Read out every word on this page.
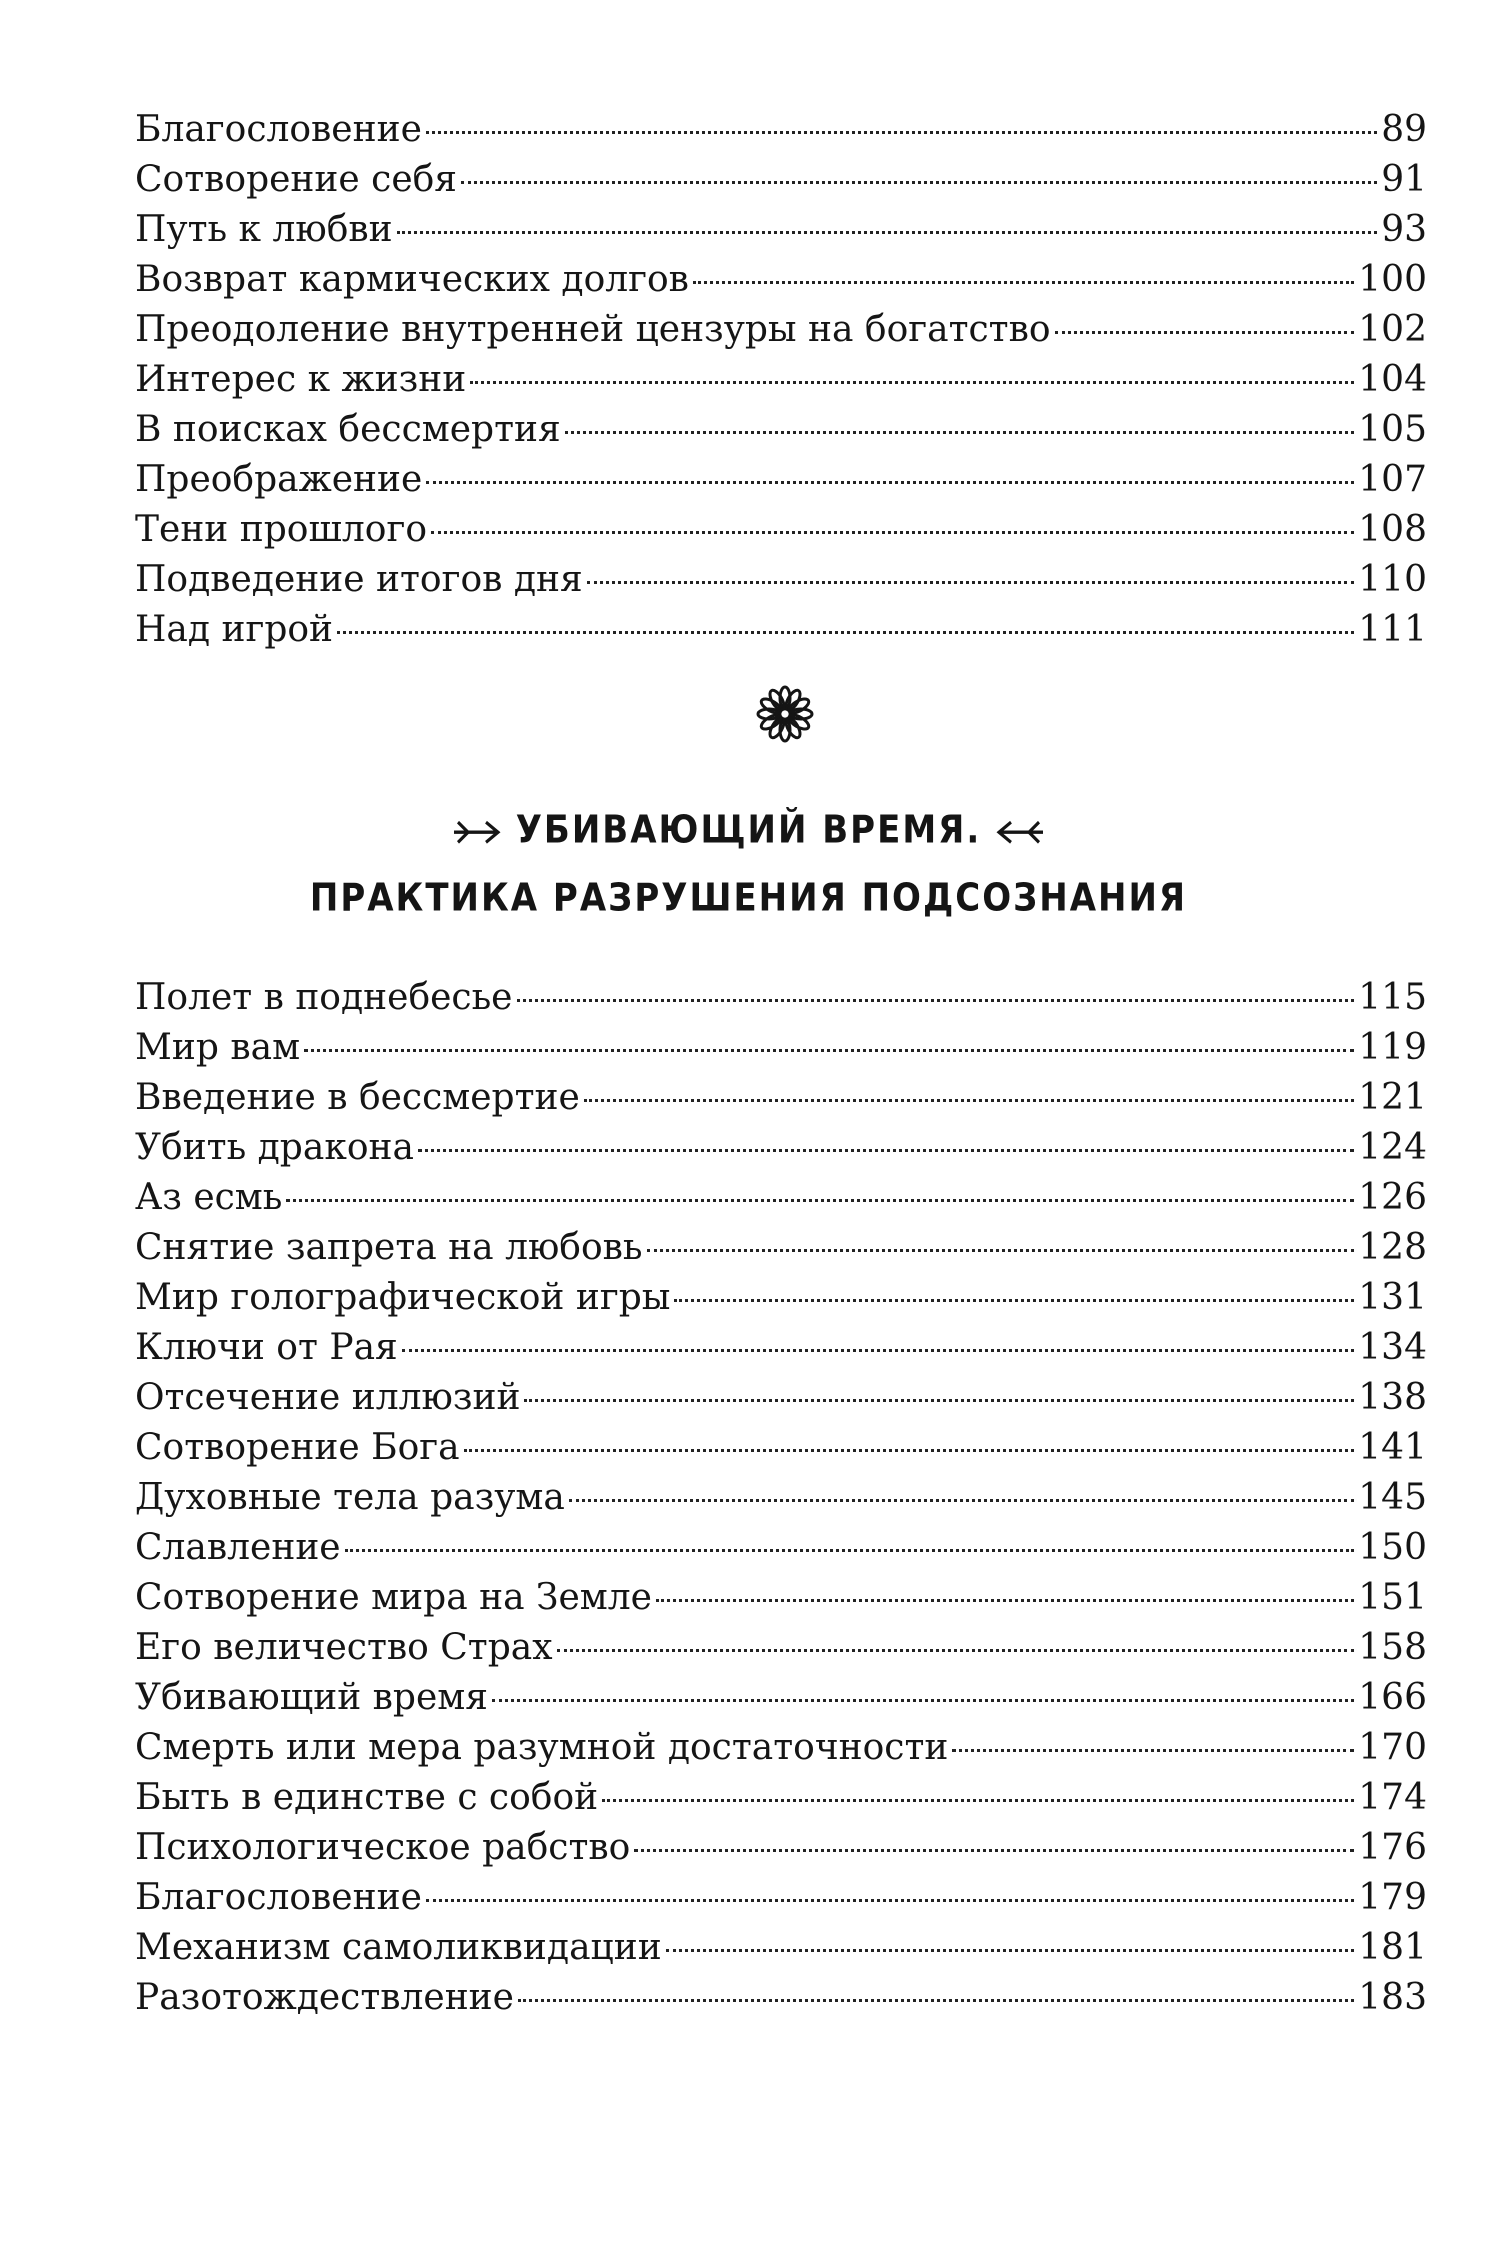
Благословение	89
Сотворение себя	91
Путь к любви	93
Возврат кармических долгов	100
Преодоление внутренней цензуры на богатство	102
Интерес к жизни	104
В поисках бессмертия	105
Преображение	107
Тени прошлого	108
Подведение итогов дня	110
Над игрой	111
УБИВАЮЩИЙ ВРЕМЯ.
ПРАКТИКА РАЗРУШЕНИЯ ПОДСОЗНАНИЯ
Полет в поднебесье	115
Мир вам	119
Введение в бессмертие	121
Убить дракона	124
Аз есмь	126
Снятие запрета на любовь	128
Мир голографической игры	131
Ключи от Рая	134
Отсечение иллюзий	138
Сотворение Бога	141
Духовные тела разума	145
Славление	150
Сотворение мира на Земле	151
Его величество Страх	158
Убивающий время	166
Смерть или мера разумной достаточности	170
Быть в единстве с собой	174
Психологическое рабство	176
Благословение	179
Механизм самоликвидации	181
Разотождествление	183
